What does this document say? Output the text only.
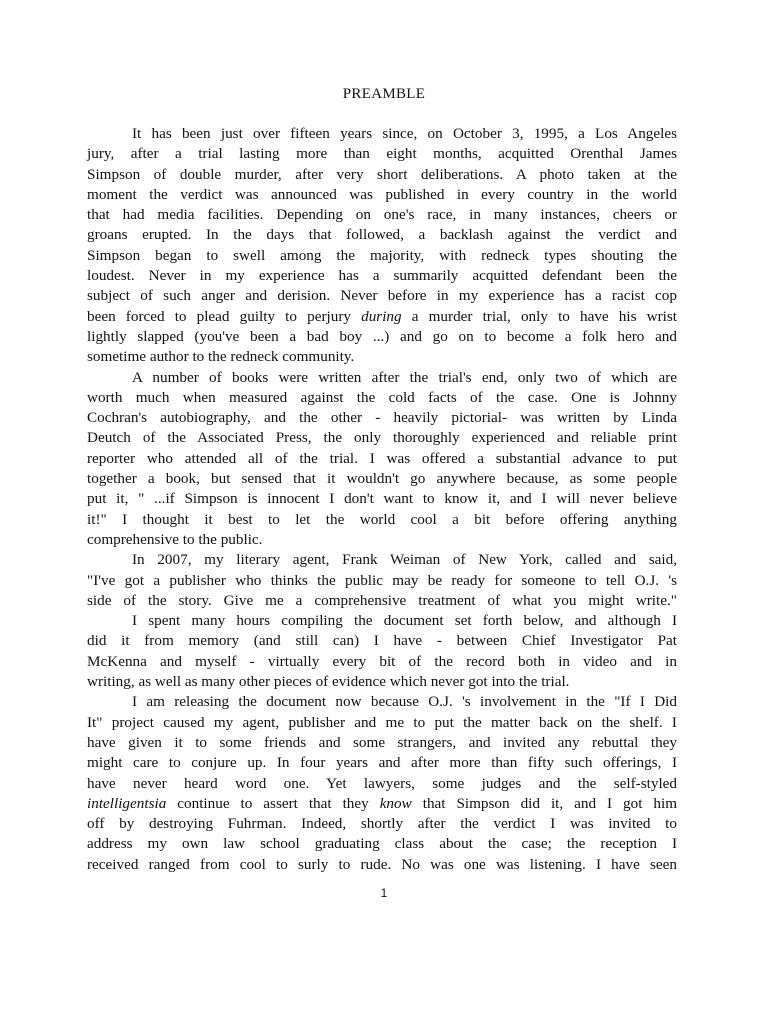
PREAMBLE
It has been just over fifteen years since, on October 3, 1995, a Los Angeles
jury, after a trial lasting more than eight months, acquitted Orenthal James
Simpson of double murder, after very short deliberations. A photo taken at the
moment the verdict was announced was published in every country in the world
that had media facilities. Depending on one's race, in many instances, cheers or
groans erupted. In the days that followed, a backlash against the verdict and
Simpson began to swell among the majority, with redneck types shouting the
loudest. Never in my experience has a summarily acquitted defendant been the
subject of such anger and derision. Never before in my experience has a racist cop
been forced to plead guilty to perjury during a murder trial, only to have his wrist
lightly slapped (you've been a bad boy ...) and go on to become a folk hero and
sometime author to the redneck community.
A number of books were written after the trial's end, only two of which are
worth much when measured against the cold facts of the case. One is Johnny
Cochran's autobiography, and the other - heavily pictorial- was written by Linda
Deutch of the Associated Press, the only thoroughly experienced and reliable print
reporter who attended all of the trial. I was offered a substantial advance to put
together a book, but sensed that it wouldn't go anywhere because, as some people
put it, " ...if Simpson is innocent I don't want to know it, and I will never believe
it!" I thought it best to let the world cool a bit before offering anything
comprehensive to the public.
In 2007, my literary agent, Frank Weiman of New York, called and said,
"I've got a publisher who thinks the public may be ready for someone to tell O.J. 's
side of the story. Give me a comprehensive treatment of what you might write."
I spent many hours compiling the document set forth below, and although I
did it from memory (and still can) I have - between Chief Investigator Pat
McKenna and myself - virtually every bit of the record both in video and in
writing, as well as many other pieces of evidence which never got into the trial.
I am releasing the document now because O.J. 's involvement in the "If I Did
It" project caused my agent, publisher and me to put the matter back on the shelf. I
have given it to some friends and some strangers, and invited any rebuttal they
might care to conjure up. In four years and after more than fifty such offerings, I
have never heard word one. Yet lawyers, some judges and the self-styled
intelligentsia continue to assert that they know that Simpson did it, and I got him
off by destroying Fuhrman. Indeed, shortly after the verdict I was invited to
address my own law school graduating class about the case; the reception I
received ranged from cool to surly to rude. No was one was listening. I have seen
1
